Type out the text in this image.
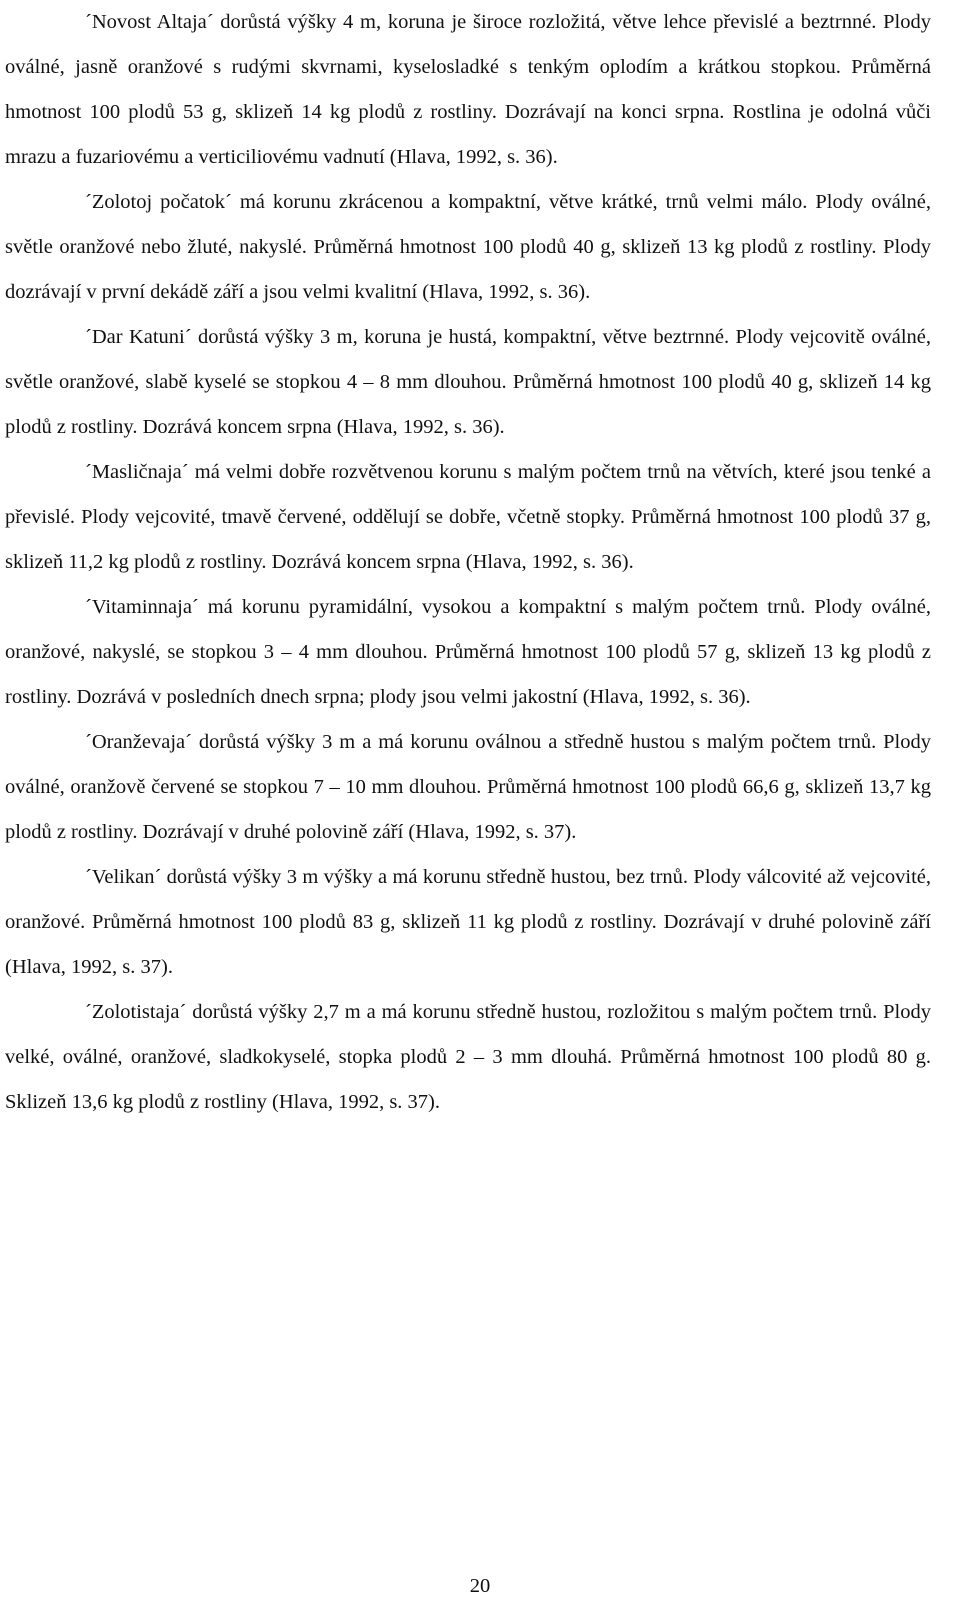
´Novost Altaja´ dorůstá výšky 4 m, koruna je široce rozložitá, větve lehce převislé a beztrnné. Plody oválné, jasně oranžové s rudými skvrnami, kyselosladké s tenkým oplodím a krátkou stopkou. Průměrná hmotnost 100 plodů 53 g, sklizeň 14 kg plodů z rostliny. Dozrávají na konci srpna. Rostlina je odolná vůči mrazu a fuzariovému a verticiliovému vadnutí (Hlava, 1992, s. 36).

´Zolotoj počatok´ má korunu zkrácenou a kompaktní, větve krátké, trnů velmi málo. Plody oválné, světle oranžové nebo žluté, nakyslé. Průměrná hmotnost 100 plodů 40 g, sklizeň 13 kg plodů z rostliny. Plody dozrávají v první dekádě září a jsou velmi kvalitní (Hlava, 1992, s. 36).

´Dar Katuni´ dorůstá výšky 3 m, koruna je hustá, kompaktní, větve beztrnné. Plody vejcovitě oválné, světle oranžové, slabě kyselé se stopkou 4 – 8 mm dlouhou. Průměrná hmotnost 100 plodů 40 g, sklizeň 14 kg plodů z rostliny. Dozrává koncem srpna (Hlava, 1992, s. 36).

´Masličnaja´ má velmi dobře rozvětvenou korunu s malým počtem trnů na větvích, které jsou tenké a převislé. Plody vejcovité, tmavě červené, oddělují se dobře, včetně stopky. Průměrná hmotnost 100 plodů 37 g, sklizeň 11,2 kg plodů z rostliny. Dozrává koncem srpna (Hlava, 1992, s. 36).

´Vitaminnaja´ má korunu pyramidální, vysokou a kompaktní s malým počtem trnů. Plody oválné, oranžové, nakyslé, se stopkou 3 – 4 mm dlouhou. Průměrná hmotnost 100 plodů 57 g, sklizeň 13 kg plodů z rostliny. Dozrává v posledních dnech srpna; plody jsou velmi jakostní (Hlava, 1992, s. 36).

´Oranževaja´ dorůstá výšky 3 m a má korunu oválnou a středně hustou s malým počtem trnů. Plody oválné, oranžově červené se stopkou 7 – 10 mm dlouhou. Průměrná hmotnost 100 plodů 66,6 g, sklizeň 13,7 kg plodů z rostliny. Dozrávají v druhé polovině září (Hlava, 1992, s. 37).

´Velikan´ dorůstá výšky 3 m výšky a má korunu středně hustou, bez trnů. Plody válcovité až vejcovité, oranžové. Průměrná hmotnost 100 plodů 83 g, sklizeň 11 kg plodů z rostliny. Dozrávají v druhé polovině září (Hlava, 1992, s. 37).

´Zolotistaja´ dorůstá výšky 2,7 m a má korunu středně hustou, rozložitou s malým počtem trnů. Plody velké, oválné, oranžové, sladkokyselé, stopka plodů 2 – 3 mm dlouhá. Průměrná hmotnost 100 plodů 80 g. Sklizeň 13,6 kg plodů z rostliny (Hlava, 1992, s. 37).

20
